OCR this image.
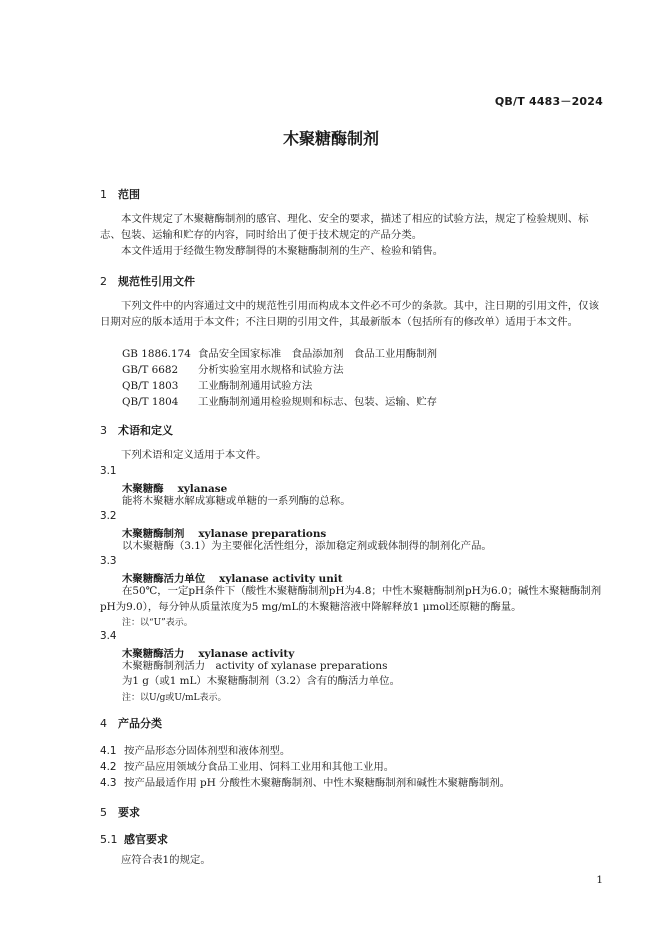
QB/T 4483－2024
木聚糖酶制剂
1 范围
本文件规定了木聚糖酶制剂的感官、理化、安全的要求，描述了相应的试验方法，规定了检验规则、标志、包装、运输和贮存的内容，同时给出了便于技术规定的产品分类。
本文件适用于经微生物发酵制得的木聚糖酶制剂的生产、检验和销售。
2 规范性引用文件
下列文件中的内容通过文中的规范性引用而构成本文件必不可少的条款。其中，注日期的引用文件，仅该日期对应的版本适用于本文件；不注日期的引用文件，其最新版本（包括所有的修改单）适用于本文件。
GB 1886.174 食品安全国家标准　食品添加剂　食品工业用酶制剂
GB/T 6682 分析实验室用水规格和试验方法
QB/T 1803 工业酶制剂通用试验方法
QB/T 1804 工业酶制剂通用检验规则和标志、包装、运输、贮存
3 术语和定义
下列术语和定义适用于本文件。
3.1
木聚糖酶 xylanase
能将木聚糖水解成寡糖或单糖的一系列酶的总称。
3.2
木聚糖酶制剂 xylanase preparations
以木聚糖酶（3.1）为主要催化活性组分，添加稳定剂或载体制得的制剂化产品。
3.3
木聚糖酶活力单位 xylanase activity unit
在50℃，一定pH条件下（酸性木聚糖酶制剂pH为4.8；中性木聚糖酶制剂pH为6.0；碱性木聚糖酶制剂pH为9.0），每分钟从质量浓度为5 mg/mL的木聚糖溶液中降解释放1 μmol还原糖的酶量。
注：以“U”表示。
3.4
木聚糖酶活力 xylanase activity
木聚糖酶制剂活力　activity of xylanase preparations
为1 g（或1 mL）木聚糖酶制剂（3.2）含有的酶活力单位。
注：以U/g或U/mL表示。
4 产品分类
4.1 按产品形态分固体剂型和液体剂型。
4.2 按产品应用领域分食品工业用、饲料工业用和其他工业用。
4.3 按产品最适作用 pH 分酸性木聚糖酶制剂、中性木聚糖酶制剂和碱性木聚糖酶制剂。
5 要求
5.1 感官要求
应符合表1的规定。
1
